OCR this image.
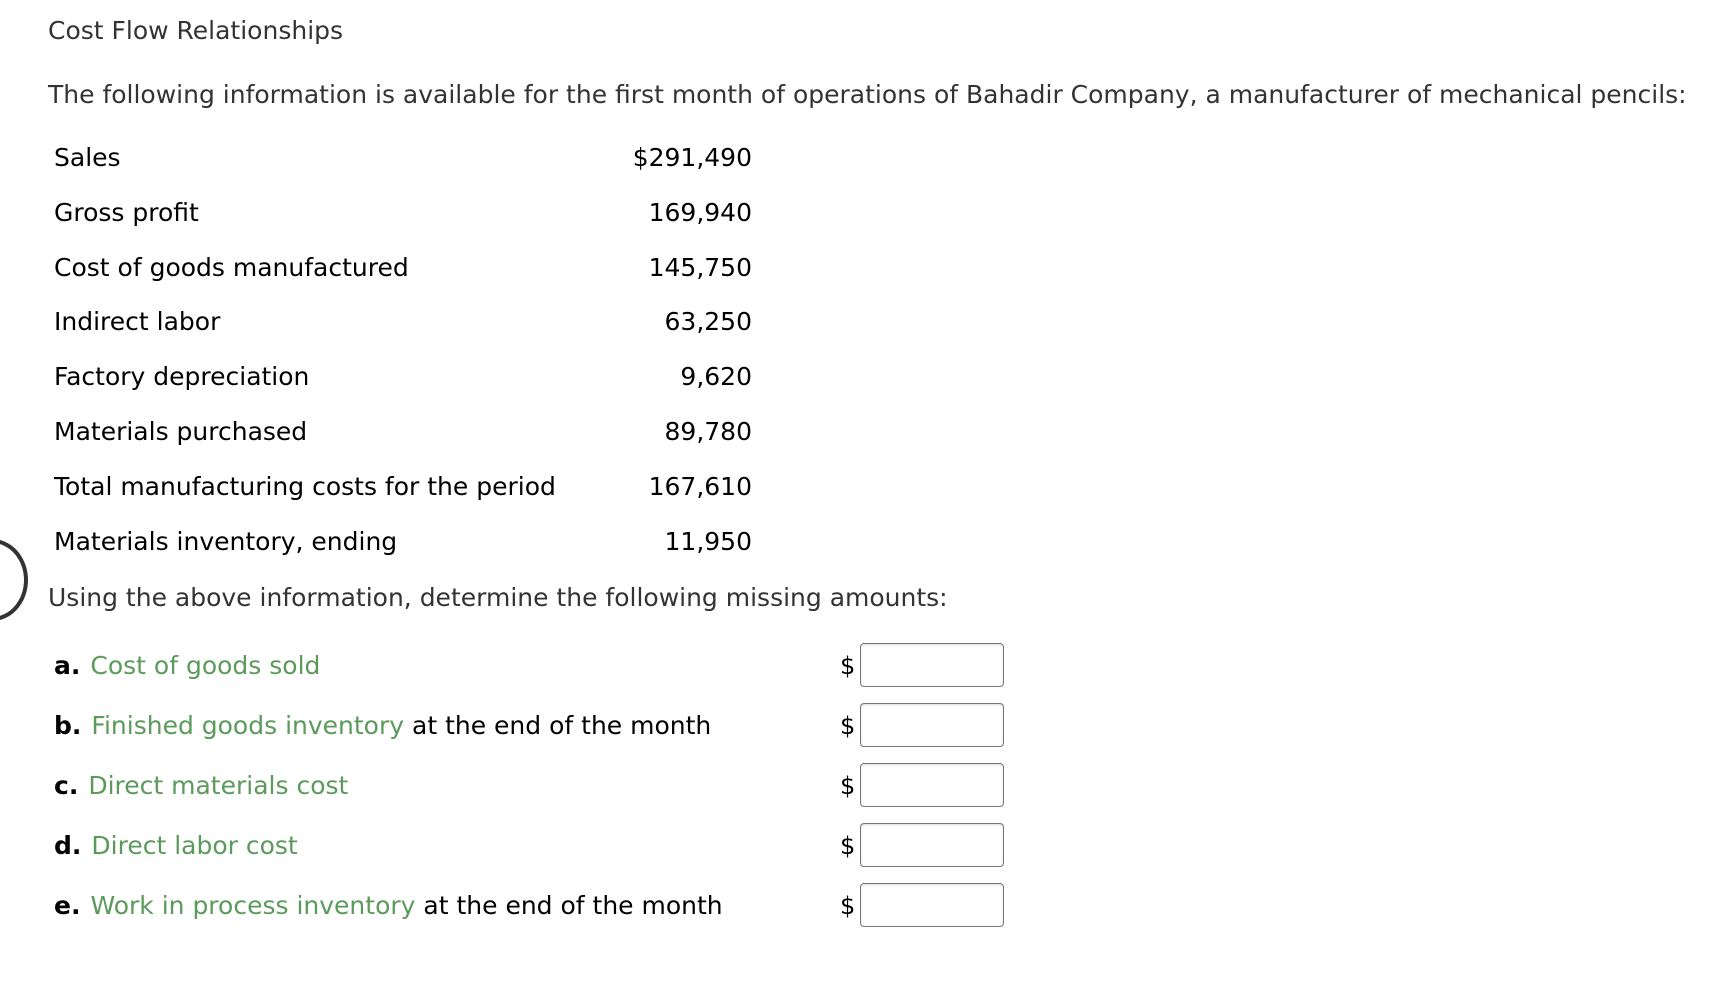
Cost Flow Relationships
The following information is available for the first month of operations of Bahadir Company, a manufacturer of mechanical pencils:
Sales	$291,490
Gross profit	169,940
Cost of goods manufactured	145,750
Indirect labor	63,250
Factory depreciation	9,620
Materials purchased	89,780
Total manufacturing costs for the period	167,610
Materials inventory, ending	11,950
Using the above information, determine the following missing amounts:
a. Cost of goods sold	$
b. Finished goods inventory at the end of the month	$
c. Direct materials cost	$
d. Direct labor cost	$
e. Work in process inventory at the end of the month	$
